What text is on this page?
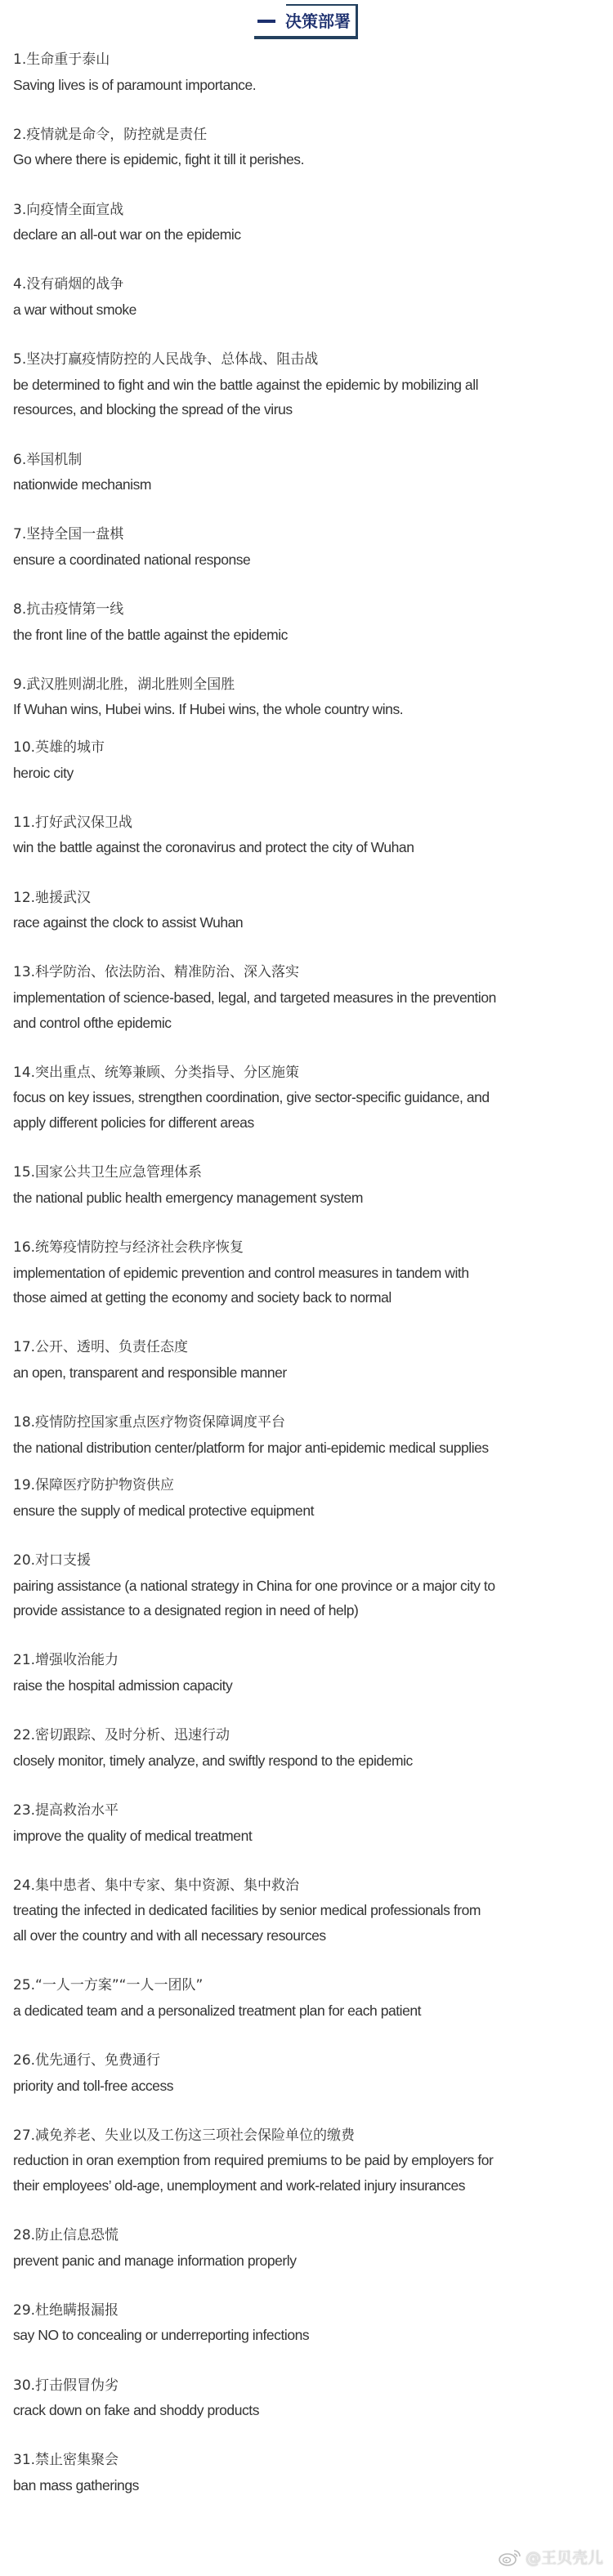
决策部署
1.生命重于泰山
Saving lives is of paramount importance.
2.疫情就是命令，防控就是责任
Go where there is epidemic, fight it till it perishes.
3.向疫情全面宣战
declare an all-out war on the epidemic
4.没有硝烟的战争
a war without smoke
5.坚决打赢疫情防控的人民战争、总体战、阻击战
be determined to fight and win the battle against the epidemic by mobilizing all
resources, and blocking the spread of the virus
6.举国机制
nationwide mechanism
7.坚持全国一盘棋
ensure a coordinated national response
8.抗击疫情第一线
the front line of the battle against the epidemic
9.武汉胜则湖北胜，湖北胜则全国胜
If Wuhan wins, Hubei wins. If Hubei wins, the whole country wins.
10.英雄的城市
heroic city
11.打好武汉保卫战
win the battle against the coronavirus and protect the city of Wuhan
12.驰援武汉
race against the clock to assist Wuhan
13.科学防治、依法防治、精准防治、深入落实
implementation of science-based, legal, and targeted measures in the prevention
and control ofthe epidemic
14.突出重点、统筹兼顾、分类指导、分区施策
focus on key issues, strengthen coordination, give sector-specific guidance, and
apply different policies for different areas
15.国家公共卫生应急管理体系
the national public health emergency management system
16.统筹疫情防控与经济社会秩序恢复
implementation of epidemic prevention and control measures in tandem with
those aimed at getting the economy and society back to normal
17.公开、透明、负责任态度
an open, transparent and responsible manner
18.疫情防控国家重点医疗物资保障调度平台
the national distribution center/platform for major anti-epidemic medical supplies
19.保障医疗防护物资供应
ensure the supply of medical protective equipment
20.对口支援
pairing assistance (a national strategy in China for one province or a major city to
provide assistance to a designated region in need of help)
21.增强收治能力
raise the hospital admission capacity
22.密切跟踪、及时分析、迅速行动
closely monitor, timely analyze, and swiftly respond to the epidemic
23.提高救治水平
improve the quality of medical treatment
24.集中患者、集中专家、集中资源、集中救治
treating the infected in dedicated facilities by senior medical professionals from
all over the country and with all necessary resources
25.“一人一方案”“一人一团队”
a dedicated team and a personalized treatment plan for each patient
26.优先通行、免费通行
priority and toll-free access
27.减免养老、失业以及工伤这三项社会保险单位的缴费
reduction in oran exemption from required premiums to be paid by employers for
their employees’ old-age, unemployment and work-related injury insurances
28.防止信息恐慌
prevent panic and manage information properly
29.杜绝瞒报漏报
say NO to concealing or underreporting infections
30.打击假冒伪劣
crack down on fake and shoddy products
31.禁止密集聚会
ban mass gatherings
@王贝壳儿
